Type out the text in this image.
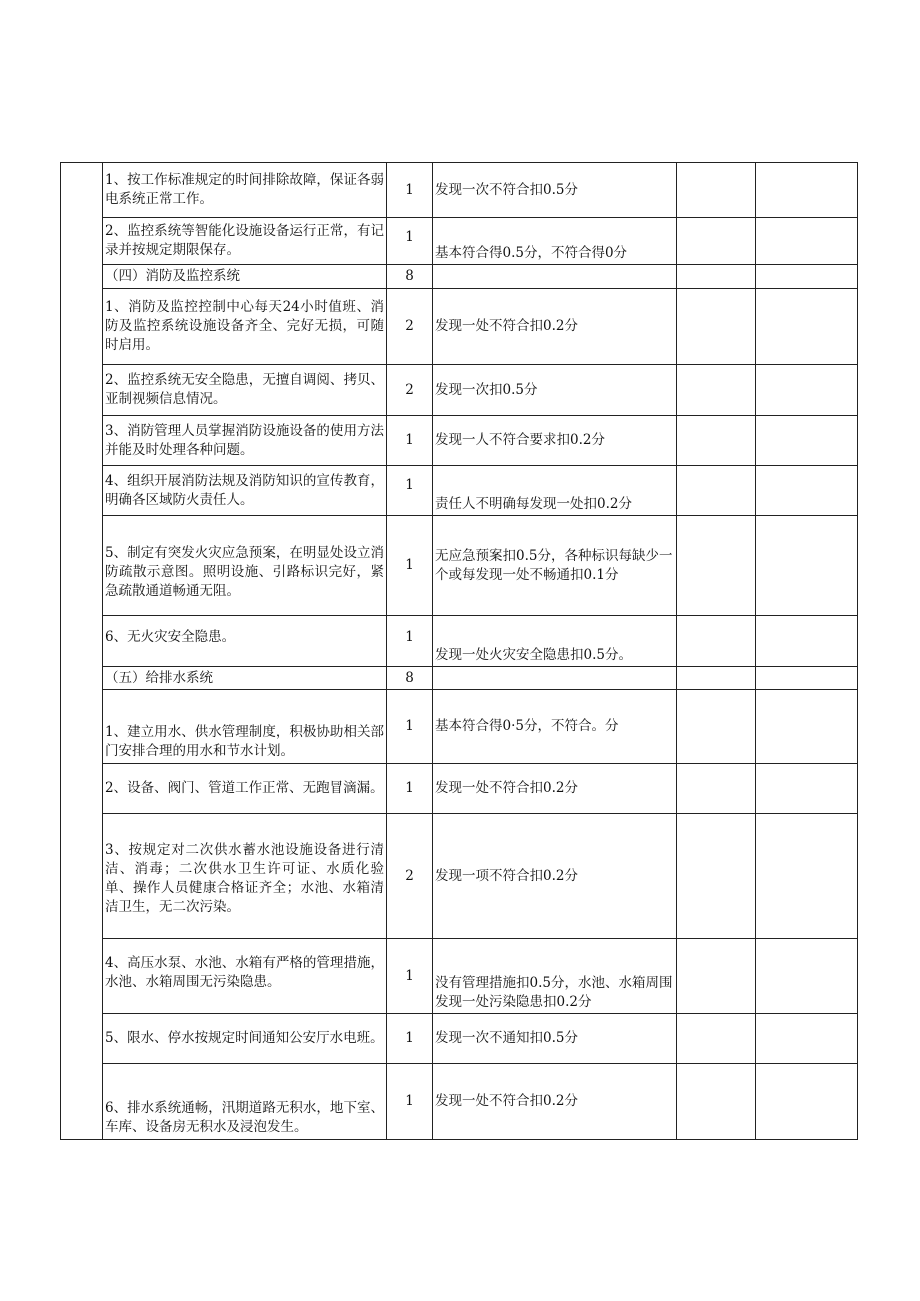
	1、按工作标准规定的时间排除故障，保证各弱电系统正常工作。	1	发现一次不符合扣0.5分		
	2、监控系统等智能化设施设备运行正常，有记录并按规定期限保存。	1	基本符合得0.5分，不符合得0分		
	（四）消防及监控系统	8			
	1、消防及监控控制中心每天24小时值班、消防及监控系统设施设备齐全、完好无损，可随时启用。	2	发现一处不符合扣0.2分		
	2、监控系统无安全隐患，无擅自调阅、拷贝、亚制视频信息情况。	2	发现一次扣0.5分		
	3、消防管理人员掌握消防设施设备的使用方法并能及时处理各种问题。	1	发现一人不符合要求扣0.2分		
	4、组织开展消防法规及消防知识的宣传教育，明确各区域防火责任人。	1	责任人不明确每发现一处扣0.2分		
	5、制定有突发火灾应急预案，在明显处设立消防疏散示意图。照明设施、引路标识完好，紧急疏散通道畅通无阻。	1	无应急预案扣0.5分，各种标识每缺少一个或每发现一处不畅通扣0.1分		
	6、无火灾安全隐患。	1	发现一处火灾安全隐患扣0.5分。		
	（五）给排水系统	8			
	1、建立用水、供水管理制度，积极协助相关部门安排合理的用水和节水计划。	1	基本符合得0·5分，不符合。分		
	2、设备、阀门、管道工作正常、无跑冒滴漏。	1	发现一处不符合扣0.2分		
	3、按规定对二次供水蓄水池设施设备进行清洁、消毒；二次供水卫生许可证、水质化验单、操作人员健康合格证齐全；水池、水箱清洁卫生，无二次污染。	2	发现一项不符合扣0.2分		
	4、高压水泵、水池、水箱有严格的管理措施，水池、水箱周围无污染隐患。	1	没有管理措施扣0.5分，水池、水箱周围发现一处污染隐患扣0.2分		
	5、限水、停水按规定时间通知公安厅水电班。	1	发现一次不通知扣0.5分		
	6、排水系统通畅，汛期道路无积水，地下室、车库、设备房无积水及浸泡发生。	1	发现一处不符合扣0.2分		
